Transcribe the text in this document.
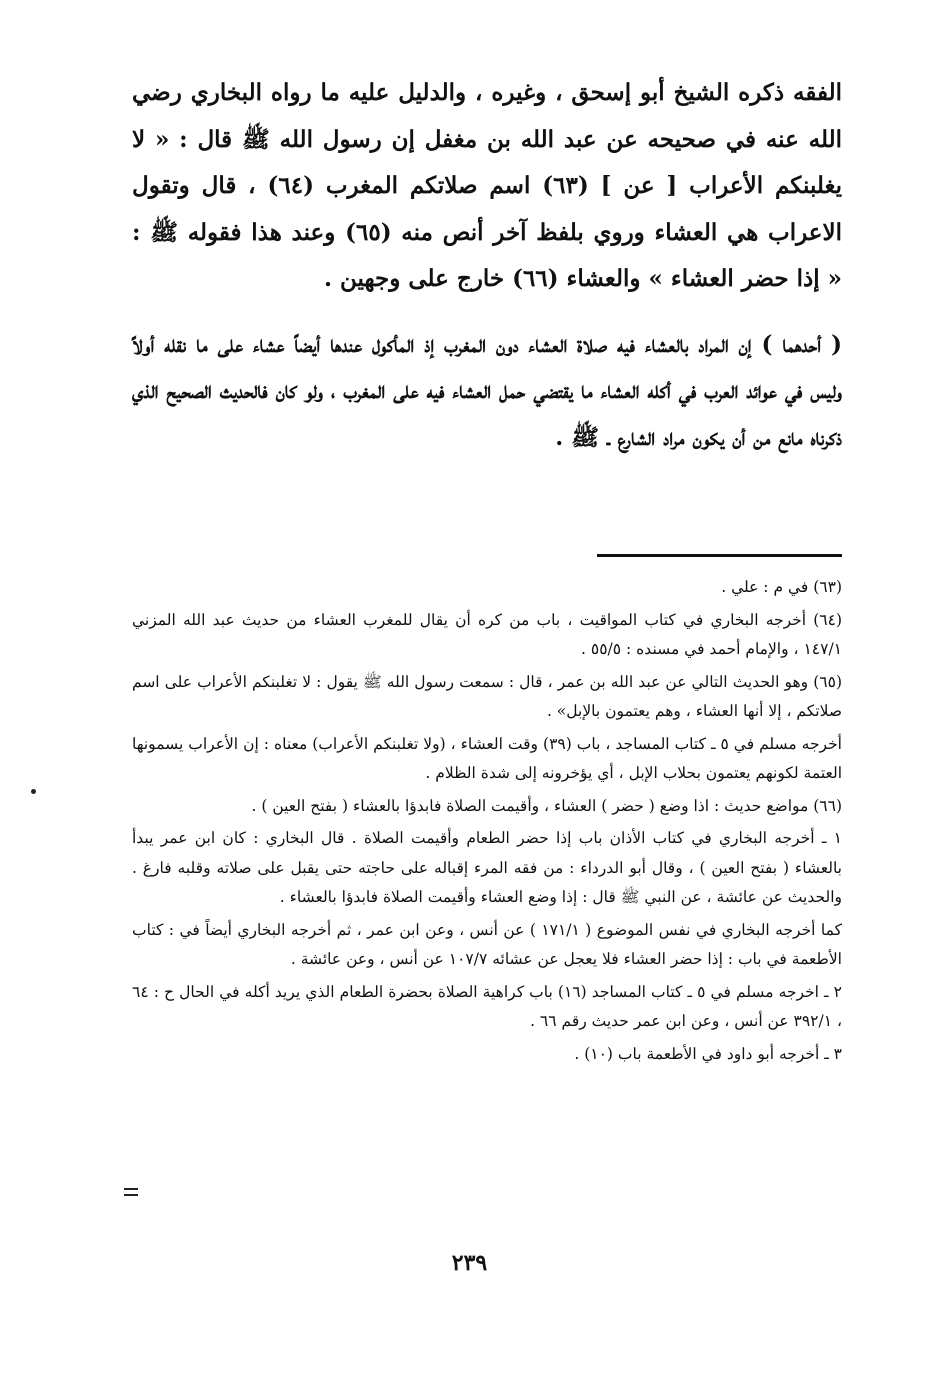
الفقه ذكره الشيخ أبو إسحق ، وغيره ، والدليل عليه ما رواه البخاري رضي الله عنه في صحيحه عن عبد الله بن مغفل إن رسول الله ﷺ قال : « لا يغلبنكم الأعراب [ عن ] (٦٣) اسم صلاتكم المغرب (٦٤) ، قال وتقول الاعراب هي العشاء وروي بلفظ آخر أنص منه (٦٥) وعند هذا فقوله ﷺ : « إذا حضر العشاء » والعشاء (٦٦) خارج على وجهين .

( أحدهما ) إن المراد بالعشاء فيه صلاة العشاء دون المغرب إذ المأكول عندها أيضاً عشاء على ما نقله أولاً وليس في عوائد العرب في أكله العشاء ما يقتضي حمل العشاء فيه على المغرب ، ولو كان فالحديث الصحيح الذي ذكرناه مانع من أن يكون مراد الشارع ـ ﷺ .

(٦٣) في م : علي .

(٦٤) أخرجه البخاري في كتاب المواقيت ، باب من كره أن يقال للمغرب العشاء من حديث عبد الله المزني ١٤٧/١ ، والإمام أحمد في مسنده : ٥٥/٥ .

(٦٥) وهو الحديث التالي عن عبد الله بن عمر ، قال : سمعت رسول الله ﷺ يقول : لا تغلبنكم الأعراب على اسم صلاتكم ، إلا أنها العشاء ، وهم يعتمون بالإبل» .

أخرجه مسلم في ٥ ـ كتاب المساجد ، باب (٣٩) وقت العشاء ، (ولا تغلبنكم الأعراب) معناه : إن الأعراب يسمونها العتمة لكونهم يعتمون بحلاب الإبل ، أي يؤخرونه إلى شدة الظلام .

(٦٦) مواضع حديث : اذا وضع ( حضر ) العشاء ، وأقيمت الصلاة فابدؤا بالعشاء ( بفتح العين ) .

١ ـ أخرجه البخاري في كتاب الأذان باب إذا حضر الطعام وأقيمت الصلاة . قال البخاري : كان ابن عمر يبدأ بالعشاء ( بفتح العين ) ، وقال أبو الدرداء : من فقه المرء إقباله على حاجته حتى يقبل على صلاته وقلبه فارغ . والحديث عن عائشة ، عن النبي ﷺ قال : إذا وضع العشاء وأقيمت الصلاة فابدؤا بالعشاء .

كما أخرجه البخاري في نفس الموضوع ( ١٧١/١ ) عن أنس ، وعن ابن عمر ، ثم أخرجه البخاري أيضاً في : كتاب الأطعمة في باب : إذا حضر العشاء فلا يعجل عن عشائه ١٠٧/٧ عن أنس ، وعن عائشة .

٢ ـ اخرجه مسلم في ٥ ـ كتاب المساجد (١٦) باب كراهية الصلاة بحضرة الطعام الذي يريد أكله في الحال ح : ٦٤ ، ٣٩٢/١ عن أنس ، وعن ابن عمر حديث رقم ٦٦ .

٣ ـ أخرجه أبو داود في الأطعمة باب (١٠) .

٢٣٩
